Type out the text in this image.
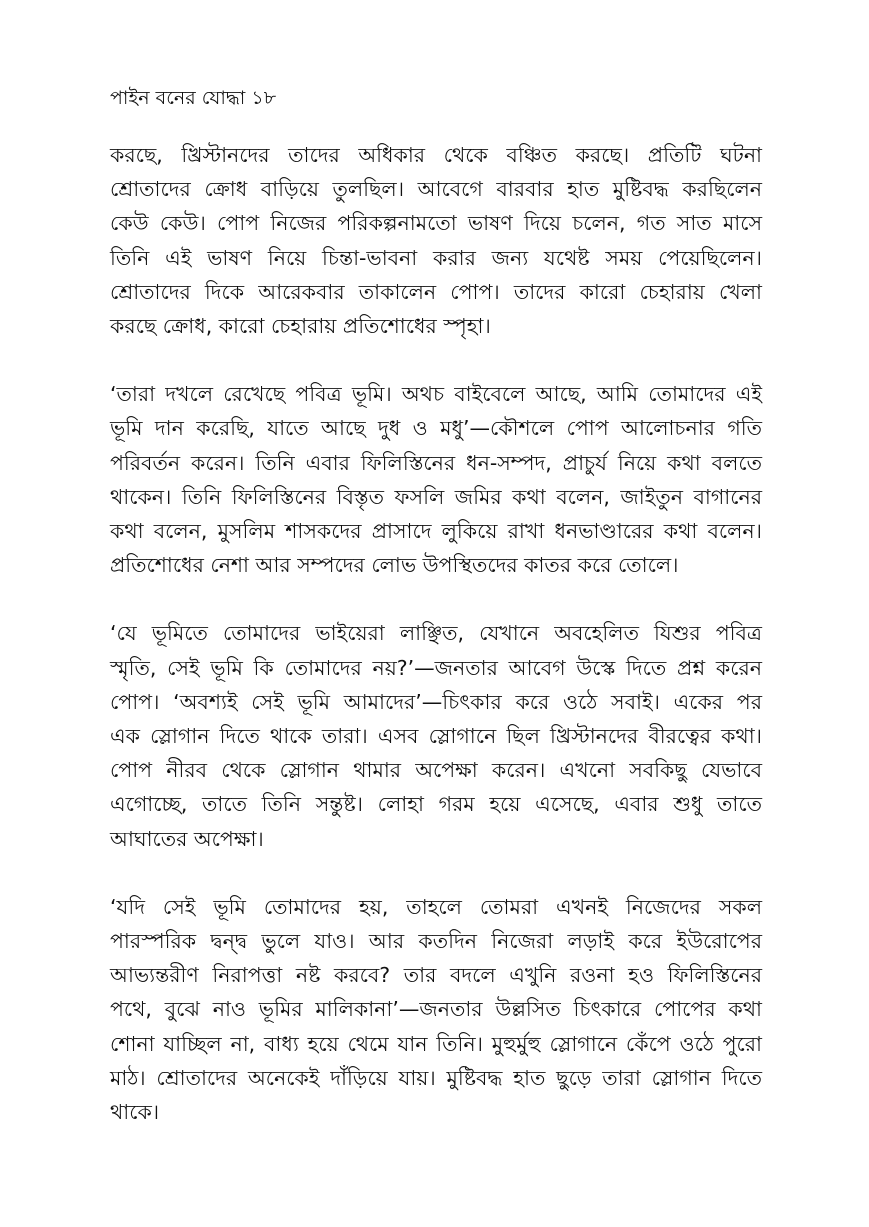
পাইন বনের যোদ্ধা ১৮
করছে, খ্রিস্টানদের তাদের অধিকার থেকে বঞ্চিত করছে। প্রতিটি ঘটনা
শ্রোতাদের ক্রোধ বাড়িয়ে তুলছিল। আবেগে বারবার হাত মুষ্টিবদ্ধ করছিলেন
কেউ কেউ। পোপ নিজের পরিকল্পনামতো ভাষণ দিয়ে চলেন, গত সাত মাসে
তিনি এই ভাষণ নিয়ে চিন্তা-ভাবনা করার জন্য যথেষ্ট সময় পেয়েছিলেন।
শ্রোতাদের দিকে আরেকবার তাকালেন পোপ। তাদের কারো চেহারায় খেলা
করছে ক্রোধ, কারো চেহারায় প্রতিশোধের স্পৃহা।
‘তারা দখলে রেখেছে পবিত্র ভূমি। অথচ বাইবেলে আছে, আমি তোমাদের এই
ভূমি দান করেছি, যাতে আছে দুধ ও মধু’—কৌশলে পোপ আলোচনার গতি
পরিবর্তন করেন। তিনি এবার ফিলিস্তিনের ধন-সম্পদ, প্রাচুর্য নিয়ে কথা বলতে
থাকেন। তিনি ফিলিস্তিনের বিস্তৃত ফসলি জমির কথা বলেন, জাইতুন বাগানের
কথা বলেন, মুসলিম শাসকদের প্রাসাদে লুকিয়ে রাখা ধনভাণ্ডারের কথা বলেন।
প্রতিশোধের নেশা আর সম্পদের লোভ উপস্থিতদের কাতর করে তোলে।
‘যে ভূমিতে তোমাদের ভাইয়েরা লাঞ্ছিত, যেখানে অবহেলিত যিশুর পবিত্র
স্মৃতি, সেই ভূমি কি তোমাদের নয়?’—জনতার আবেগ উস্কে দিতে প্রশ্ন করেন
পোপ। ‘অবশ্যই সেই ভূমি আমাদের’—চিৎকার করে ওঠে সবাই। একের পর
এক স্লোগান দিতে থাকে তারা। এসব স্লোগানে ছিল খ্রিস্টানদের বীরত্বের কথা।
পোপ নীরব থেকে স্লোগান থামার অপেক্ষা করেন। এখনো সবকিছু যেভাবে
এগোচ্ছে, তাতে তিনি সন্তুষ্ট। লোহা গরম হয়ে এসেছে, এবার শুধু তাতে
আঘাতের অপেক্ষা।
‘যদি সেই ভূমি তোমাদের হয়, তাহলে তোমরা এখনই নিজেদের সকল
পারস্পরিক দ্বন্দ্ব ভুলে যাও। আর কতদিন নিজেরা লড়াই করে ইউরোপের
আভ্যন্তরীণ নিরাপত্তা নষ্ট করবে? তার বদলে এখুনি রওনা হও ফিলিস্তিনের
পথে, বুঝে নাও ভূমির মালিকানা’—জনতার উল্লসিত চিৎকারে পোপের কথা
শোনা যাচ্ছিল না, বাধ্য হয়ে থেমে যান তিনি। মুহুর্মুহু স্লোগানে কেঁপে ওঠে পুরো
মাঠ। শ্রোতাদের অনেকেই দাঁড়িয়ে যায়। মুষ্টিবদ্ধ হাত ছুড়ে তারা স্লোগান দিতে
থাকে।
